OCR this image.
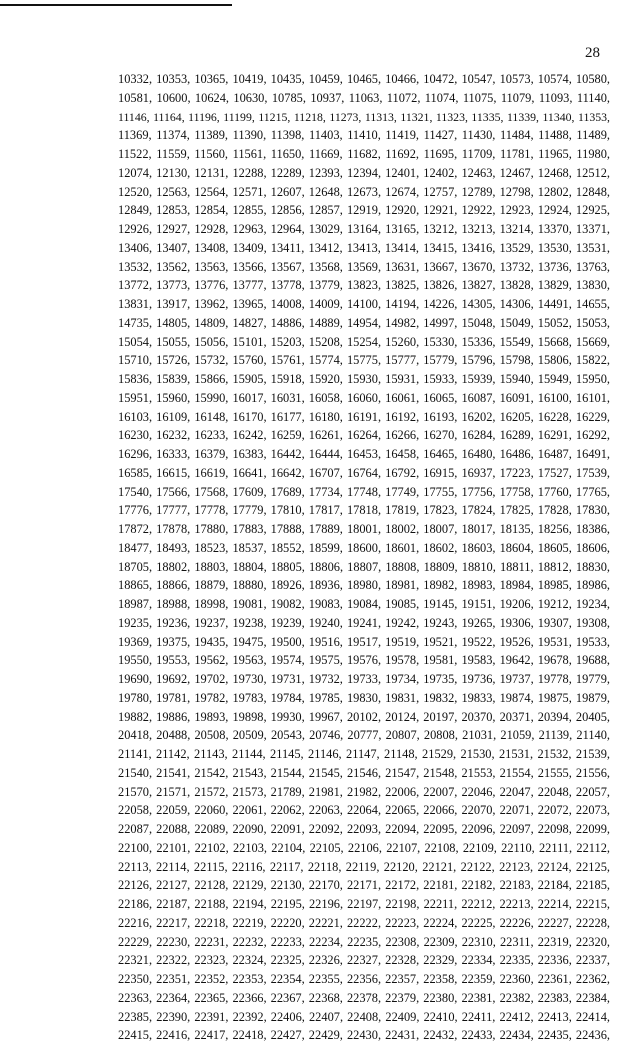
28
10332, 10353, 10365, 10419, 10435, 10459, 10465, 10466, 10472, 10547, 10573, 10574, 10580,
10581, 10600, 10624, 10630, 10785, 10937, 11063, 11072, 11074, 11075, 11079, 11093, 11140,
11146, 11164, 11196, 11199, 11215, 11218, 11273, 11313, 11321, 11323, 11335, 11339, 11340, 11353,
11369, 11374, 11389, 11390, 11398, 11403, 11410, 11419, 11427, 11430, 11484, 11488, 11489,
11522, 11559, 11560, 11561, 11650, 11669, 11682, 11692, 11695, 11709, 11781, 11965, 11980,
12074, 12130, 12131, 12288, 12289, 12393, 12394, 12401, 12402, 12463, 12467, 12468, 12512,
12520, 12563, 12564, 12571, 12607, 12648, 12673, 12674, 12757, 12789, 12798, 12802, 12848,
12849, 12853, 12854, 12855, 12856, 12857, 12919, 12920, 12921, 12922, 12923, 12924, 12925,
12926, 12927, 12928, 12963, 12964, 13029, 13164, 13165, 13212, 13213, 13214, 13370, 13371,
13406, 13407, 13408, 13409, 13411, 13412, 13413, 13414, 13415, 13416, 13529, 13530, 13531,
13532, 13562, 13563, 13566, 13567, 13568, 13569, 13631, 13667, 13670, 13732, 13736, 13763,
13772, 13773, 13776, 13777, 13778, 13779, 13823, 13825, 13826, 13827, 13828, 13829, 13830,
13831, 13917, 13962, 13965, 14008, 14009, 14100, 14194, 14226, 14305, 14306, 14491, 14655,
14735, 14805, 14809, 14827, 14886, 14889, 14954, 14982, 14997, 15048, 15049, 15052, 15053,
15054, 15055, 15056, 15101, 15203, 15208, 15254, 15260, 15330, 15336, 15549, 15668, 15669,
15710, 15726, 15732, 15760, 15761, 15774, 15775, 15777, 15779, 15796, 15798, 15806, 15822,
15836, 15839, 15866, 15905, 15918, 15920, 15930, 15931, 15933, 15939, 15940, 15949, 15950,
15951, 15960, 15990, 16017, 16031, 16058, 16060, 16061, 16065, 16087, 16091, 16100, 16101,
16103, 16109, 16148, 16170, 16177, 16180, 16191, 16192, 16193, 16202, 16205, 16228, 16229,
16230, 16232, 16233, 16242, 16259, 16261, 16264, 16266, 16270, 16284, 16289, 16291, 16292,
16296, 16333, 16379, 16383, 16442, 16444, 16453, 16458, 16465, 16480, 16486, 16487, 16491,
16585, 16615, 16619, 16641, 16642, 16707, 16764, 16792, 16915, 16937, 17223, 17527, 17539,
17540, 17566, 17568, 17609, 17689, 17734, 17748, 17749, 17755, 17756, 17758, 17760, 17765,
17776, 17777, 17778, 17779, 17810, 17817, 17818, 17819, 17823, 17824, 17825, 17828, 17830,
17872, 17878, 17880, 17883, 17888, 17889, 18001, 18002, 18007, 18017, 18135, 18256, 18386,
18477, 18493, 18523, 18537, 18552, 18599, 18600, 18601, 18602, 18603, 18604, 18605, 18606,
18705, 18802, 18803, 18804, 18805, 18806, 18807, 18808, 18809, 18810, 18811, 18812, 18830,
18865, 18866, 18879, 18880, 18926, 18936, 18980, 18981, 18982, 18983, 18984, 18985, 18986,
18987, 18988, 18998, 19081, 19082, 19083, 19084, 19085, 19145, 19151, 19206, 19212, 19234,
19235, 19236, 19237, 19238, 19239, 19240, 19241, 19242, 19243, 19265, 19306, 19307, 19308,
19369, 19375, 19435, 19475, 19500, 19516, 19517, 19519, 19521, 19522, 19526, 19531, 19533,
19550, 19553, 19562, 19563, 19574, 19575, 19576, 19578, 19581, 19583, 19642, 19678, 19688,
19690, 19692, 19702, 19730, 19731, 19732, 19733, 19734, 19735, 19736, 19737, 19778, 19779,
19780, 19781, 19782, 19783, 19784, 19785, 19830, 19831, 19832, 19833, 19874, 19875, 19879,
19882, 19886, 19893, 19898, 19930, 19967, 20102, 20124, 20197, 20370, 20371, 20394, 20405,
20418, 20488, 20508, 20509, 20543, 20746, 20777, 20807, 20808, 21031, 21059, 21139, 21140,
21141, 21142, 21143, 21144, 21145, 21146, 21147, 21148, 21529, 21530, 21531, 21532, 21539,
21540, 21541, 21542, 21543, 21544, 21545, 21546, 21547, 21548, 21553, 21554, 21555, 21556,
21570, 21571, 21572, 21573, 21789, 21981, 21982, 22006, 22007, 22046, 22047, 22048, 22057,
22058, 22059, 22060, 22061, 22062, 22063, 22064, 22065, 22066, 22070, 22071, 22072, 22073,
22087, 22088, 22089, 22090, 22091, 22092, 22093, 22094, 22095, 22096, 22097, 22098, 22099,
22100, 22101, 22102, 22103, 22104, 22105, 22106, 22107, 22108, 22109, 22110, 22111, 22112,
22113, 22114, 22115, 22116, 22117, 22118, 22119, 22120, 22121, 22122, 22123, 22124, 22125,
22126, 22127, 22128, 22129, 22130, 22170, 22171, 22172, 22181, 22182, 22183, 22184, 22185,
22186, 22187, 22188, 22194, 22195, 22196, 22197, 22198, 22211, 22212, 22213, 22214, 22215,
22216, 22217, 22218, 22219, 22220, 22221, 22222, 22223, 22224, 22225, 22226, 22227, 22228,
22229, 22230, 22231, 22232, 22233, 22234, 22235, 22308, 22309, 22310, 22311, 22319, 22320,
22321, 22322, 22323, 22324, 22325, 22326, 22327, 22328, 22329, 22334, 22335, 22336, 22337,
22350, 22351, 22352, 22353, 22354, 22355, 22356, 22357, 22358, 22359, 22360, 22361, 22362,
22363, 22364, 22365, 22366, 22367, 22368, 22378, 22379, 22380, 22381, 22382, 22383, 22384,
22385, 22390, 22391, 22392, 22406, 22407, 22408, 22409, 22410, 22411, 22412, 22413, 22414,
22415, 22416, 22417, 22418, 22427, 22429, 22430, 22431, 22432, 22433, 22434, 22435, 22436,
